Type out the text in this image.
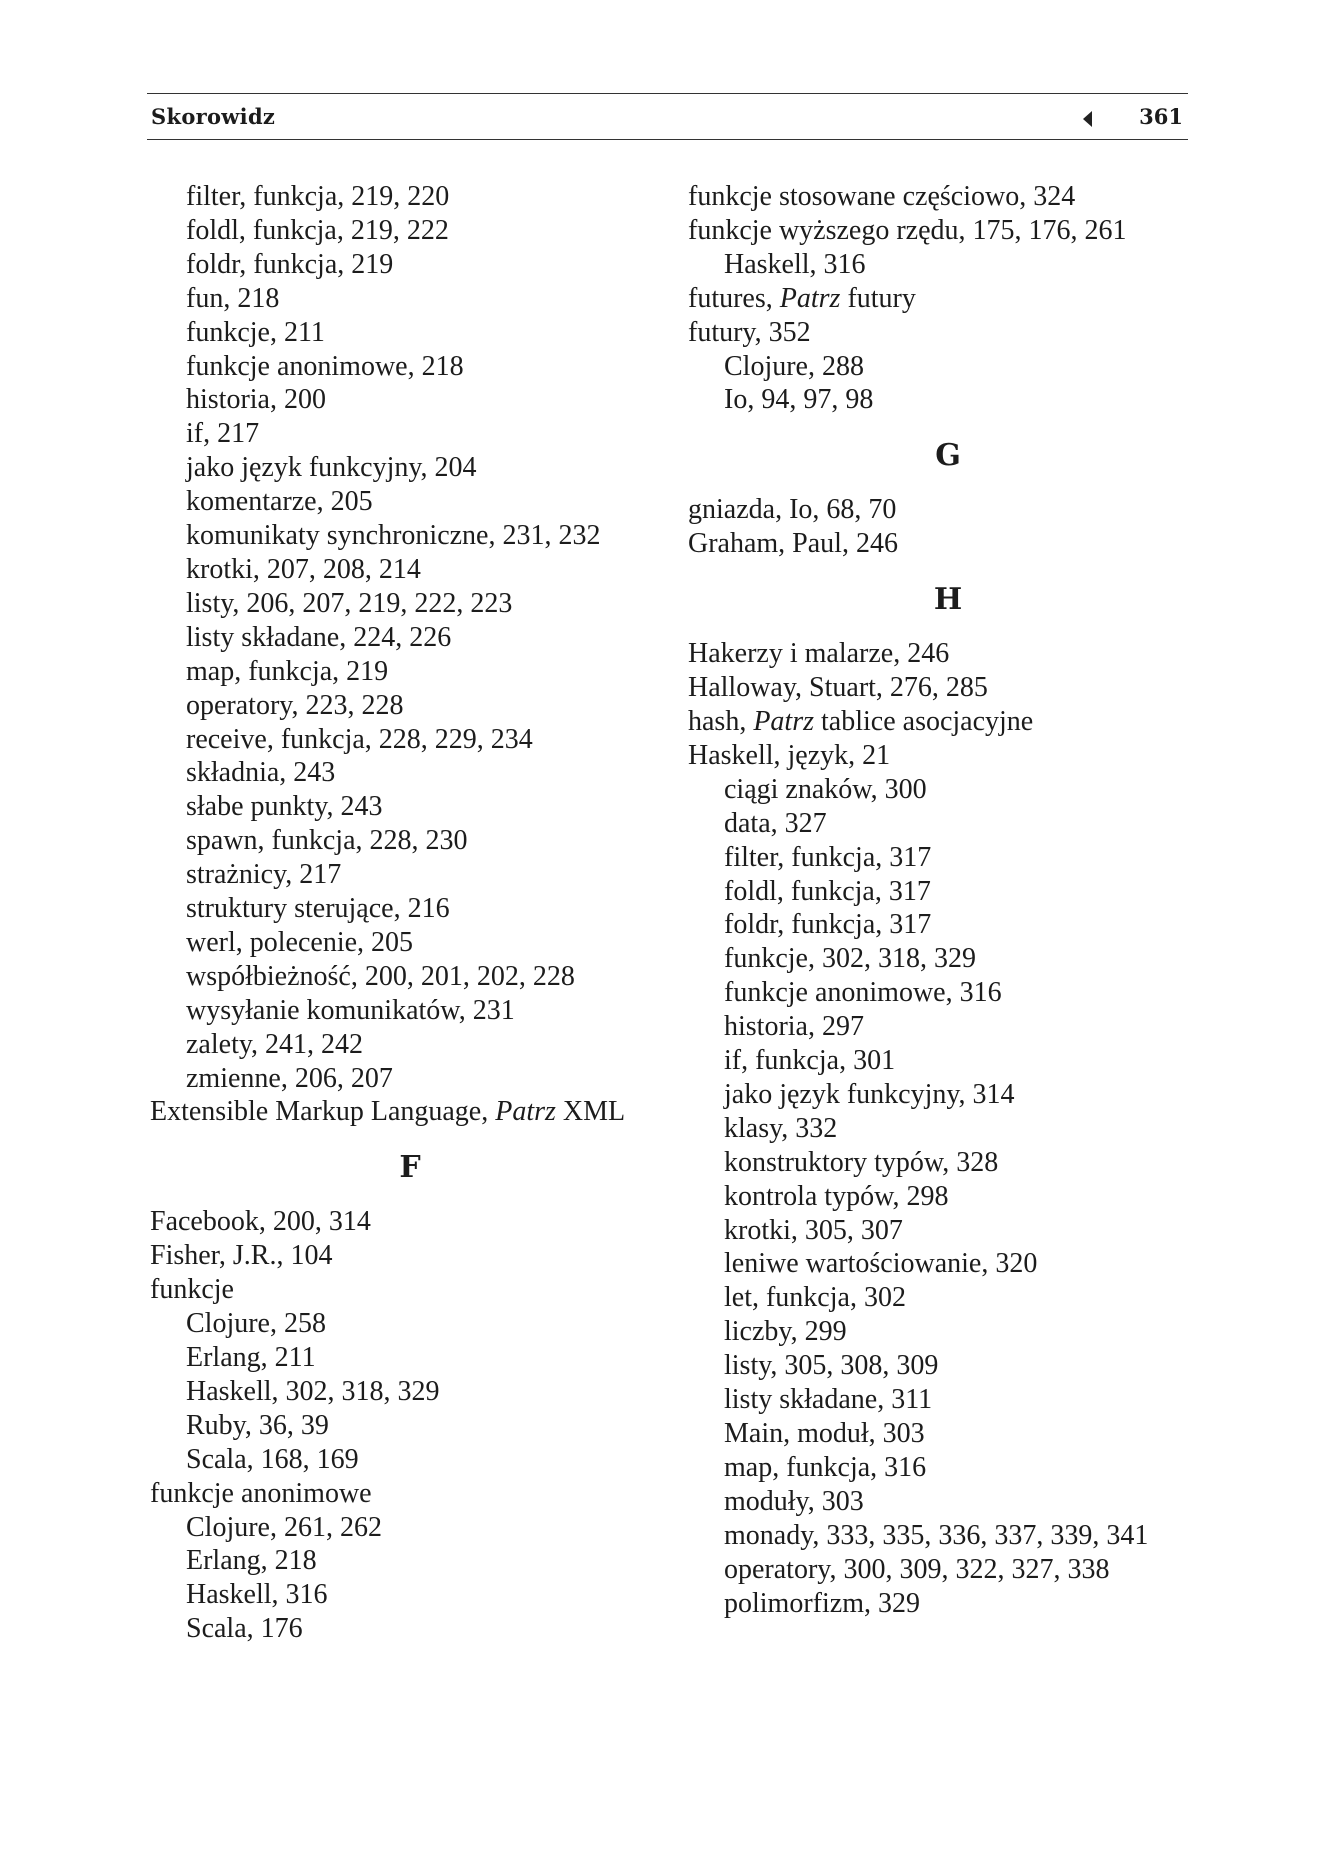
Skorowidz	361
filter, funkcja, 219, 220
foldl, funkcja, 219, 222
foldr, funkcja, 219
fun, 218
funkcje, 211
funkcje anonimowe, 218
historia, 200
if, 217
jako język funkcyjny, 204
komentarze, 205
komunikaty synchroniczne, 231, 232
krotki, 207, 208, 214
listy, 206, 207, 219, 222, 223
listy składane, 224, 226
map, funkcja, 219
operatory, 223, 228
receive, funkcja, 228, 229, 234
składnia, 243
słabe punkty, 243
spawn, funkcja, 228, 230
strażnicy, 217
struktury sterujące, 216
werl, polecenie, 205
współbieżność, 200, 201, 202, 228
wysyłanie komunikatów, 231
zalety, 241, 242
zmienne, 206, 207
Extensible Markup Language, Patrz XML
F
Facebook, 200, 314
Fisher, J.R., 104
funkcje
Clojure, 258
Erlang, 211
Haskell, 302, 318, 329
Ruby, 36, 39
Scala, 168, 169
funkcje anonimowe
Clojure, 261, 262
Erlang, 218
Haskell, 316
Scala, 176
funkcje stosowane częściowo, 324
funkcje wyższego rzędu, 175, 176, 261
Haskell, 316
futures, Patrz futury
futury, 352
Clojure, 288
Io, 94, 97, 98
G
gniazda, Io, 68, 70
Graham, Paul, 246
H
Hakerzy i malarze, 246
Halloway, Stuart, 276, 285
hash, Patrz tablice asocjacyjne
Haskell, język, 21
ciągi znaków, 300
data, 327
filter, funkcja, 317
foldl, funkcja, 317
foldr, funkcja, 317
funkcje, 302, 318, 329
funkcje anonimowe, 316
historia, 297
if, funkcja, 301
jako język funkcyjny, 314
klasy, 332
konstruktory typów, 328
kontrola typów, 298
krotki, 305, 307
leniwe wartościowanie, 320
let, funkcja, 302
liczby, 299
listy, 305, 308, 309
listy składane, 311
Main, moduł, 303
map, funkcja, 316
moduły, 303
monady, 333, 335, 336, 337, 339, 341
operatory, 300, 309, 322, 327, 338
polimorfizm, 329
